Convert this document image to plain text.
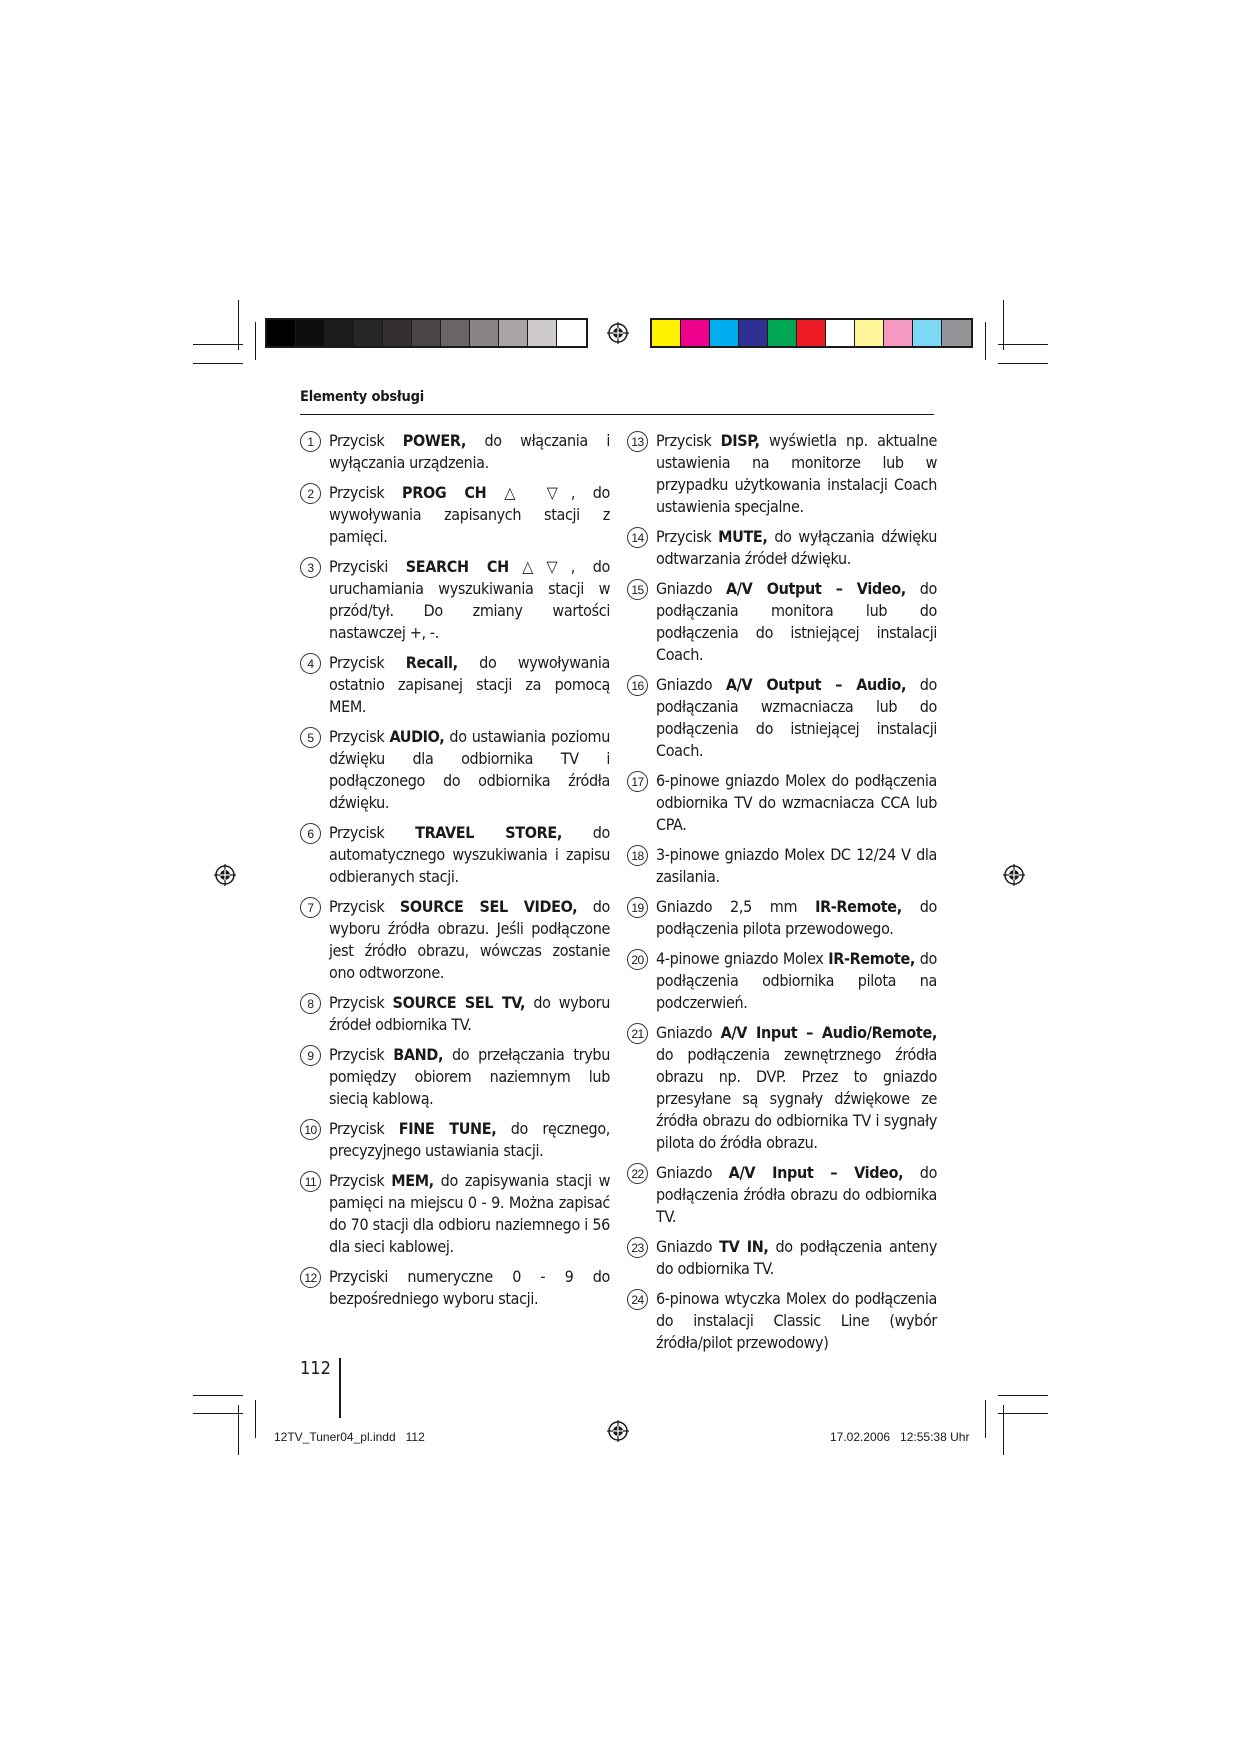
Elementy obsługi
1 Przycisk POWER, do włączania i wyłączania urządzenia.
2 Przycisk PROG CH △ ▽, do wywoływania zapisanych stacji z pamięci.
3 Przyciski SEARCH CH△▽, do uruchamiania wyszukiwania stacji w przód/tył. Do zmiany wartości nastawczej +, -.
4 Przycisk Recall, do wywoływania ostatnio zapisanej stacji za pomocą MEM.
5 Przycisk AUDIO, do ustawiania poziomu dźwięku dla odbiornika TV i podłączonego do odbiornika źródła dźwięku.
6 Przycisk TRAVEL STORE, do automatycznego wyszukiwania i zapisu odbieranych stacji.
7 Przycisk SOURCE SEL VIDEO, do wyboru źródła obrazu. Jeśli podłączone jest źródło obrazu, wówczas zostanie ono odtworzone.
8 Przycisk SOURCE SEL TV, do wyboru źródeł odbiornika TV.
9 Przycisk BAND, do przełączania trybu pomiędzy obiorem naziemnym lub siecią kablową.
10 Przycisk FINE TUNE, do ręcznego, precyzyjnego ustawiania stacji.
11 Przycisk MEM, do zapisywania stacji w pamięci na miejscu 0 - 9. Można zapisać do 70 stacji dla odbioru naziemnego i 56 dla sieci kablowej.
12 Przyciski numeryczne 0 - 9 do bezpośredniego wyboru stacji.
13 Przycisk DISP, wyświetla np. aktualne ustawienia na monitorze lub w przypadku użytkowania instalacji Coach ustawienia specjalne.
14 Przycisk MUTE, do wyłączania dźwięku odtwarzania źródeł dźwięku.
15 Gniazdo A/V Output – Video, do podłączania monitora lub do podłączenia do istniejącej instalacji Coach.
16 Gniazdo A/V Output – Audio, do podłączania wzmacniacza lub do podłączenia do istniejącej instalacji Coach.
17 6-pinowe gniazdo Molex do podłączenia odbiornika TV do wzmacniacza CCA lub CPA.
18 3-pinowe gniazdo Molex DC 12/24 V dla zasilania.
19 Gniazdo 2,5 mm IR-Remote, do podłączenia pilota przewodowego.
20 4-pinowe gniazdo Molex IR-Remote, do podłączenia odbiornika pilota na podczerwień.
21 Gniazdo A/V Input – Audio/Remote, do podłączenia zewnętrznego źródła obrazu np. DVP. Przez to gniazdo przesyłane są sygnały dźwiękowe ze źródła obrazu do odbiornika TV i sygnały pilota do źródła obrazu.
22 Gniazdo A/V Input – Video, do podłączenia źródła obrazu do odbiornika TV.
23 Gniazdo TV IN, do podłączenia anteny do odbiornika TV.
24 6-pinowa wtyczka Molex do podłączenia do instalacji Classic Line (wybór źródła/pilot przewodowy)
112
12TV_Tuner04_pl.indd   112	17.02.2006   12:55:38 Uhr
